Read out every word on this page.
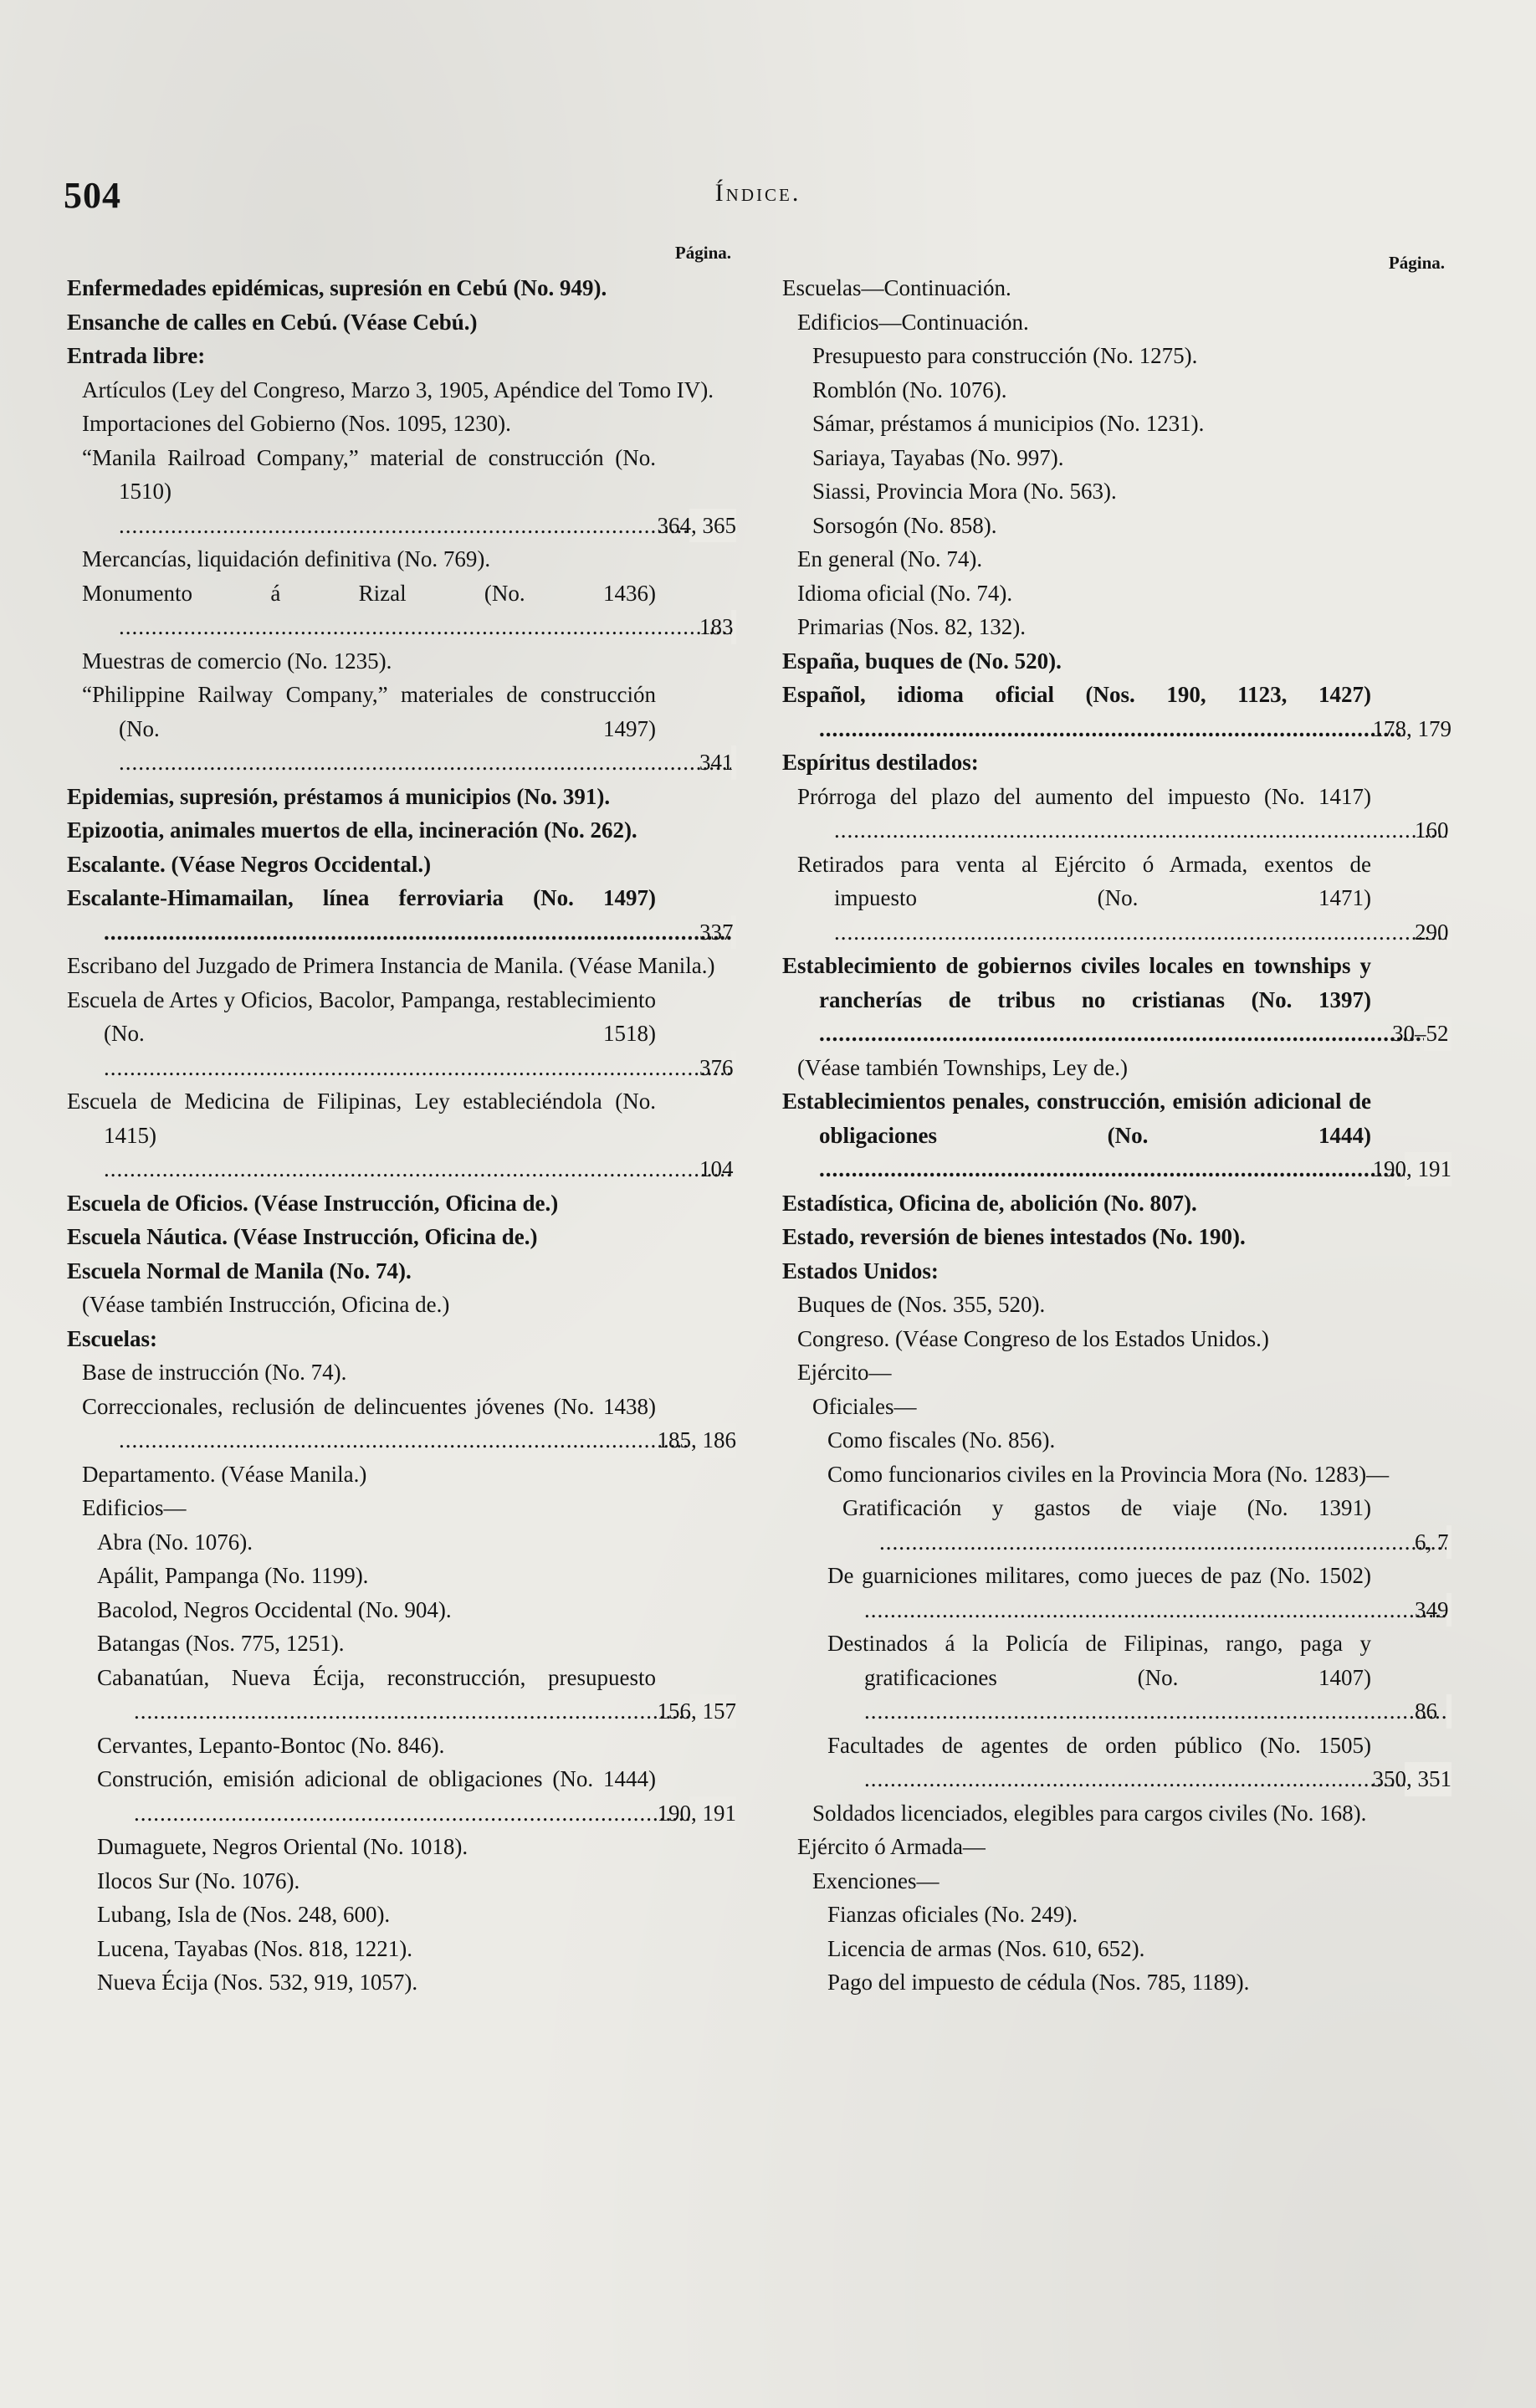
504	Índice.
Página.
Enfermedades epidémicas, supresión en Cebú (No. 949).
Ensanche de calles en Cebú. (Véase Cebú.)
Entrada libre:
Artículos (Ley del Congreso, Marzo 3, 1905, Apéndice del Tomo IV).
Importaciones del Gobierno (Nos. 1095, 1230).
“Manila Railroad Company,” material de construcción (No. 1510) .....
364, 365
Mercancías, liquidación definitiva (No. 769).
Monumento á Rizal (No. 1436) .....
183
Muestras de comercio (No. 1235).
“Philippine Railway Company,” materiales de construcción (No. 1497) .....
341
Epidemias, supresión, préstamos á municipios (No. 391).
Epizootia, animales muertos de ella, incineración (No. 262).
Escalante. (Véase Negros Occidental.)
Escalante-Himamailan, línea ferroviaria (No. 1497) .....
337
Escribano del Juzgado de Primera Instancia de Manila. (Véase Manila.)
Escuela de Artes y Oficios, Bacolor, Pampanga, restablecimiento (No. 1518) .....
376
Escuela de Medicina de Filipinas, Ley estableciéndola (No. 1415) .....
104
Escuela de Oficios. (Véase Instrucción, Oficina de.)
Escuela Náutica. (Véase Instrucción, Oficina de.)
Escuela Normal de Manila (No. 74).
(Véase también Instrucción, Oficina de.)
Escuelas:
Base de instrucción (No. 74).
Correccionales, reclusión de delincuentes jóvenes (No. 1438) .....
185, 186
Departamento. (Véase Manila.)
Edificios—
Abra (No. 1076).
Apálit, Pampanga (No. 1199).
Bacolod, Negros Occidental (No. 904).
Batangas (Nos. 775, 1251).
Cabanatúan, Nueva Écija, reconstrucción, presupuesto .....
156, 157
Cervantes, Lepanto-Bontoc (No. 846).
Construción, emisión adicional de obligaciones (No. 1444) .....
190, 191
Dumaguete, Negros Oriental (No. 1018).
Ilocos Sur (No. 1076).
Lubang, Isla de (Nos. 248, 600).
Lucena, Tayabas (Nos. 818, 1221).
Nueva Écija (Nos. 532, 919, 1057).
Página.
Escuelas—Continuación.
Edificios—Continuación.
Presupuesto para construcción (No. 1275).
Romblón (No. 1076).
Sámar, préstamos á municipios (No. 1231).
Sariaya, Tayabas (No. 997).
Siassi, Provincia Mora (No. 563).
Sorsogón (No. 858).
En general (No. 74).
Idioma oficial (No. 74).
Primarias (Nos. 82, 132).
España, buques de (No. 520).
Español, idioma oficial (Nos. 190, 1123, 1427) .....
178, 179
Espíritus destilados:
Prórroga del plazo del aumento del impuesto (No. 1417) .....
160
Retirados para venta al Ejército ó Armada, exentos de impuesto (No. 1471) .....
290
Establecimiento de gobiernos civiles locales en townships y rancherías de tribus no cristianas (No. 1397) .....
30–52
(Véase también Townships, Ley de.)
Establecimientos penales, construcción, emisión adicional de obligaciones (No. 1444) .....
190, 191
Estadística, Oficina de, abolición (No. 807).
Estado, reversión de bienes intestados (No. 190).
Estados Unidos:
Buques de (Nos. 355, 520).
Congreso. (Véase Congreso de los Estados Unidos.)
Ejército—
Oficiales—
Como fiscales (No. 856).
Como funcionarios civiles en la Provincia Mora (No. 1283)—
Gratificación y gastos de viaje (No. 1391) .....
6, 7
De guarniciones militares, como jueces de paz (No. 1502) .....
349
Destinados á la Policía de Filipinas, rango, paga y gratificaciones (No. 1407) .....
86
Facultades de agentes de orden público (No. 1505) .....
350, 351
Soldados licenciados, elegibles para cargos civiles (No. 168).
Ejército ó Armada—
Exenciones—
Fianzas oficiales (No. 249).
Licencia de armas (Nos. 610, 652).
Pago del impuesto de cédula (Nos. 785, 1189).
